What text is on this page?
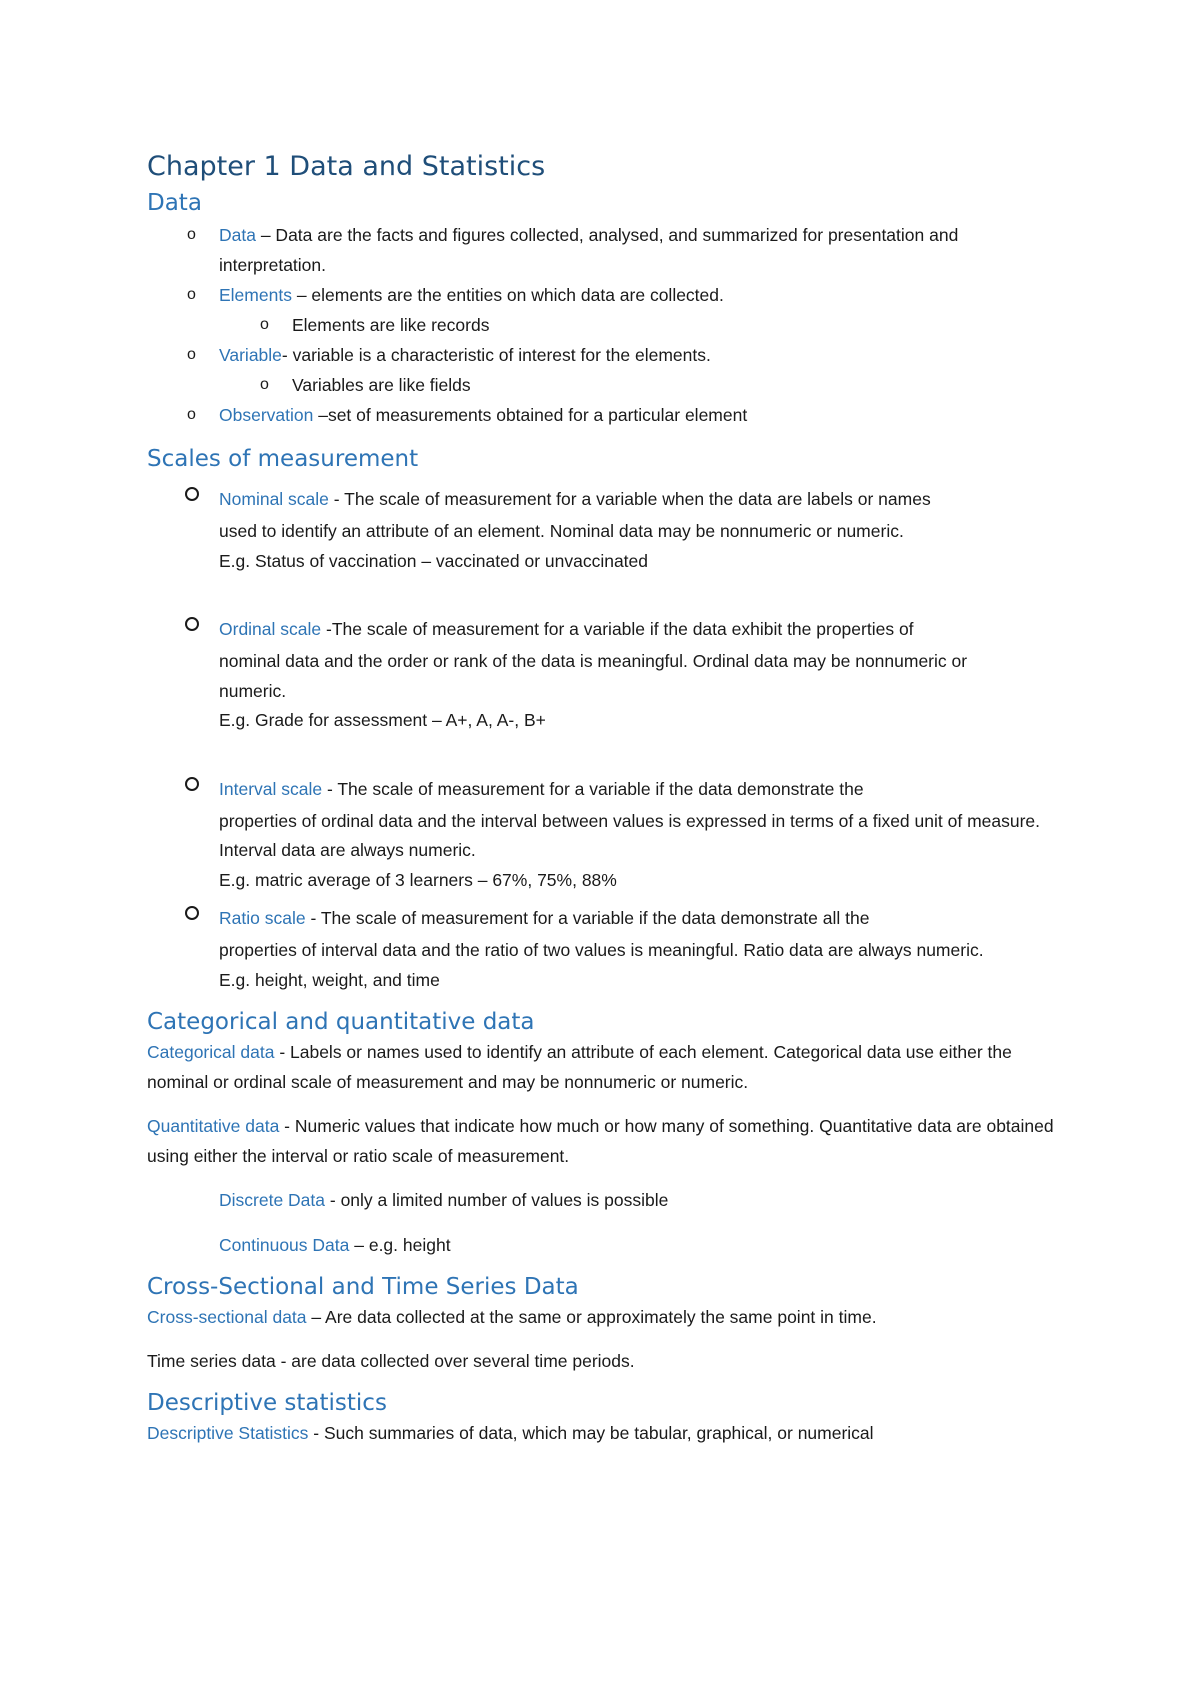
Chapter 1 Data and Statistics
Data
o Data – Data are the facts and figures collected, analysed, and summarized for presentation and interpretation.
o Elements – elements are the entities on which data are collected.
o Elements are like records
o Variable- variable is a characteristic of interest for the elements.
o Variables are like fields
o Observation –set of measurements obtained for a particular element
Scales of measurement
Nominal scale - The scale of measurement for a variable when the data are labels or names
used to identify an attribute of an element. Nominal data may be nonnumeric or numeric.
E.g. Status of vaccination – vaccinated or unvaccinated
Ordinal scale -The scale of measurement for a variable if the data exhibit the properties of
nominal data and the order or rank of the data is meaningful. Ordinal data may be nonnumeric or numeric.
E.g. Grade for assessment – A+, A, A-, B+
Interval scale - The scale of measurement for a variable if the data demonstrate the
properties of ordinal data and the interval between values is expressed in terms of a fixed unit of measure. Interval data are always numeric.
E.g. matric average of 3 learners – 67%, 75%, 88%
Ratio scale - The scale of measurement for a variable if the data demonstrate all the
properties of interval data and the ratio of two values is meaningful. Ratio data are always numeric.
E.g. height, weight, and time
Categorical and quantitative data
Categorical data - Labels or names used to identify an attribute of each element. Categorical data use either the nominal or ordinal scale of measurement and may be nonnumeric or numeric.
Quantitative data - Numeric values that indicate how much or how many of something. Quantitative data are obtained using either the interval or ratio scale of measurement.
Discrete Data - only a limited number of values is possible
Continuous Data – e.g. height
Cross-Sectional and Time Series Data
Cross-sectional data – Are data collected at the same or approximately the same point in time.
Time series data - are data collected over several time periods.
Descriptive statistics
Descriptive Statistics - Such summaries of data, which may be tabular, graphical, or numerical
